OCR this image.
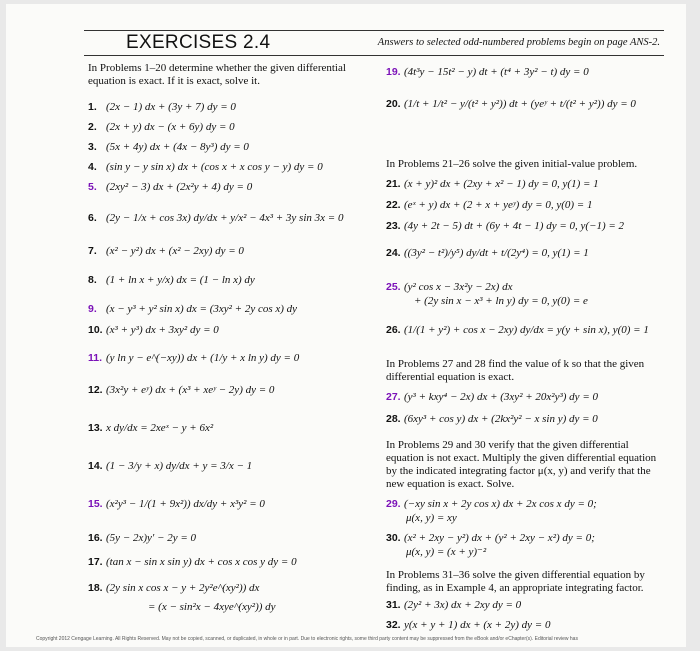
EXERCISES 2.4	Answers to selected odd-numbered problems begin on page ANS-2.
In Problems 1–20 determine whether the given differential equation is exact. If it is exact, solve it.
1. (2x − 1) dx + (3y + 7) dy = 0
2. (2x + y) dx − (x + 6y) dy = 0
3. (5x + 4y) dx + (4x − 8y³) dy = 0
4. (sin y − y sin x) dx + (cos x + x cos y − y) dy = 0
5. (2xy² − 3) dx + (2x²y + 4) dy = 0
6. (2y − 1/x + cos 3x) dy/dx + y/x² − 4x³ + 3y sin 3x = 0
7. (x² − y²) dx + (x² − 2xy) dy = 0
8. (1 + ln x + y/x) dx = (1 − ln x) dy
9. (x − y³ + y² sin x) dx = (3xy² + 2y cos x) dy
10. (x³ + y³) dx + 3xy² dy = 0
11. (y ln y − e^(−xy)) dx + (1/y + x ln y) dy = 0
12. (3x²y + eʸ) dx + (x³ + xeʸ − 2y) dy = 0
13. x dy/dx = 2xeˣ − y + 6x²
14. (1 − 3/y + x) dy/dx + y = 3/x − 1
15. (x²y³ − 1/(1 + 9x²)) dx/dy + x³y² = 0
16. (5y − 2x)y′ − 2y = 0
17. (tan x − sin x sin y) dx + cos x cos y dy = 0
18. (2y sin x cos x − y + 2y²e^(xy²)) dx
= (x − sin²x − 4xye^(xy²)) dy
19. (4t³y − 15t² − y) dt + (t⁴ + 3y² − t) dy = 0
20. (1/t + 1/t² − y/(t² + y²)) dt + (yeʸ + t/(t² + y²)) dy = 0
In Problems 21–26 solve the given initial-value problem.
21. (x + y)² dx + (2xy + x² − 1) dy = 0, y(1) = 1
22. (eˣ + y) dx + (2 + x + yeʸ) dy = 0, y(0) = 1
23. (4y + 2t − 5) dt + (6y + 4t − 1) dy = 0, y(−1) = 2
24. ((3y² − t²)/y⁵) dy/dt + t/(2y⁴) = 0, y(1) = 1
25. (y² cos x − 3x²y − 2x) dx
+ (2y sin x − x³ + ln y) dy = 0, y(0) = e
26. (1/(1 + y²) + cos x − 2xy) dy/dx = y(y + sin x), y(0) = 1
In Problems 27 and 28 find the value of k so that the given differential equation is exact.
27. (y³ + kxy⁴ − 2x) dx + (3xy² + 20x²y³) dy = 0
28. (6xy³ + cos y) dx + (2kx²y² − x sin y) dy = 0
In Problems 29 and 30 verify that the given differential equation is not exact. Multiply the given differential equation by the indicated integrating factor μ(x, y) and verify that the new equation is exact. Solve.
29. (−xy sin x + 2y cos x) dx + 2x cos x dy = 0;
μ(x, y) = xy
30. (x² + 2xy − y²) dx + (y² + 2xy − x²) dy = 0;
μ(x, y) = (x + y)⁻²
In Problems 31–36 solve the given differential equation by finding, as in Example 4, an appropriate integrating factor.
31. (2y² + 3x) dx + 2xy dy = 0
32. y(x + y + 1) dx + (x + 2y) dy = 0
Copyright 2012 Cengage Learning. All Rights Reserved. May not be copied, scanned, or duplicated, in whole or in part. Due to electronic rights, some third party content may be suppressed from the eBook and/or eChapter(s). Editorial review has
